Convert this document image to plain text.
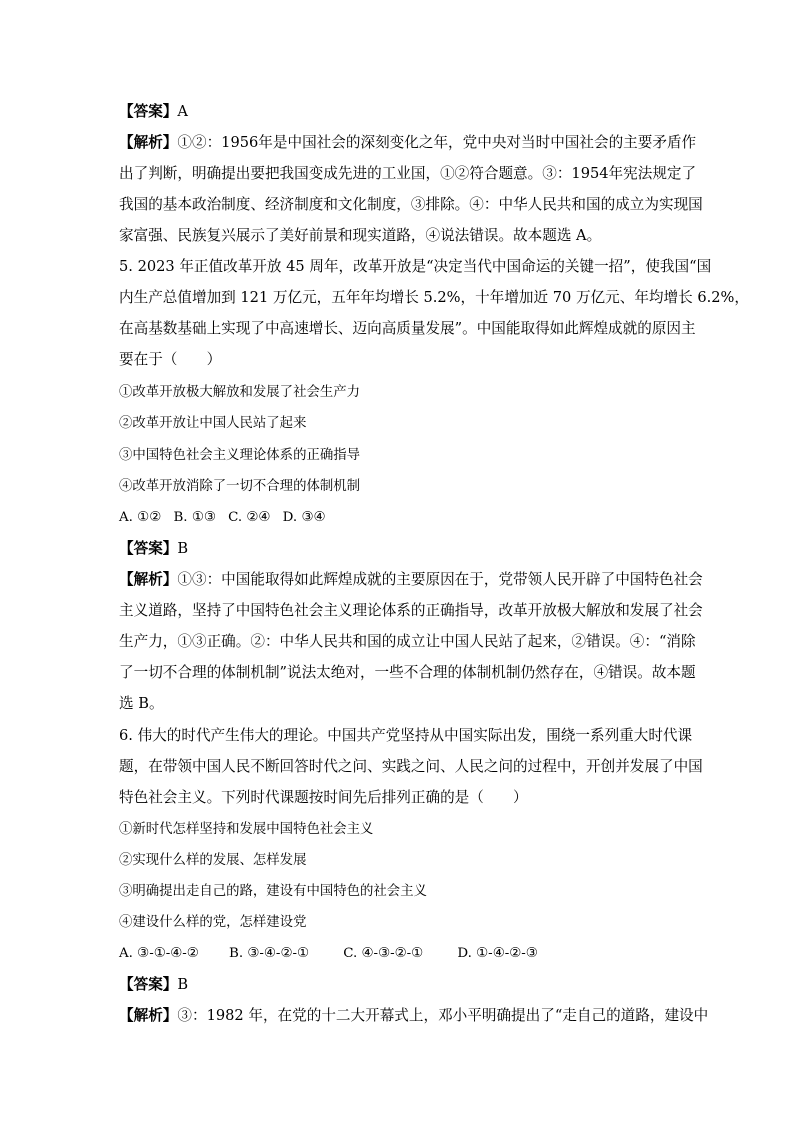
【答案】A
【解析】①②：1956年是中国社会的深刻变化之年，党中央对当时中国社会的主要矛盾作
出了判断，明确提出要把我国变成先进的工业国，①②符合题意。③：1954年宪法规定了
我国的基本政治制度、经济制度和文化制度，③排除。④：中华人民共和国的成立为实现国
家富强、民族复兴展示了美好前景和现实道路，④说法错误。故本题选 A。
5. 2023 年正值改革开放 45 周年，改革开放是“决定当代中国命运的关键一招”，使我国“国
内生产总值增加到 121 万亿元，五年年均增长 5.2%，十年增加近 70 万亿元、年均增长 6.2%，
在高基数基础上实现了中高速增长、迈向高质量发展”。中国能取得如此辉煌成就的原因主
要在于（　　）
①改革开放极大解放和发展了社会生产力
②改革开放让中国人民站了起来
③中国特色社会主义理论体系的正确指导
④改革开放消除了一切不合理的体制机制
A. ①② B. ①③ C. ②④ D. ③④
【答案】B
【解析】①③：中国能取得如此辉煌成就的主要原因在于，党带领人民开辟了中国特色社会
主义道路，坚持了中国特色社会主义理论体系的正确指导，改革开放极大解放和发展了社会
生产力，①③正确。②：中华人民共和国的成立让中国人民站了起来，②错误。④：“消除
了一切不合理的体制机制”说法太绝对，一些不合理的体制机制仍然存在，④错误。故本题
选 B。
6. 伟大的时代产生伟大的理论。中国共产党坚持从中国实际出发，围绕一系列重大时代课
题，在带领中国人民不断回答时代之问、实践之问、人民之问的过程中，开创并发展了中国
特色社会主义。下列时代课题按时间先后排列正确的是（　　）
①新时代怎样坚持和发展中国特色社会主义
②实现什么样的发展、怎样发展
③明确提出走自己的路，建设有中国特色的社会主义
④建设什么样的党，怎样建设党
A. ③-①-④-② B. ③-④-②-①	C. ④-③-②-①	D. ①-④-②-③
【答案】B
【解析】③：1982 年，在党的十二大开幕式上，邓小平明确提出了“走自己的道路，建设中
